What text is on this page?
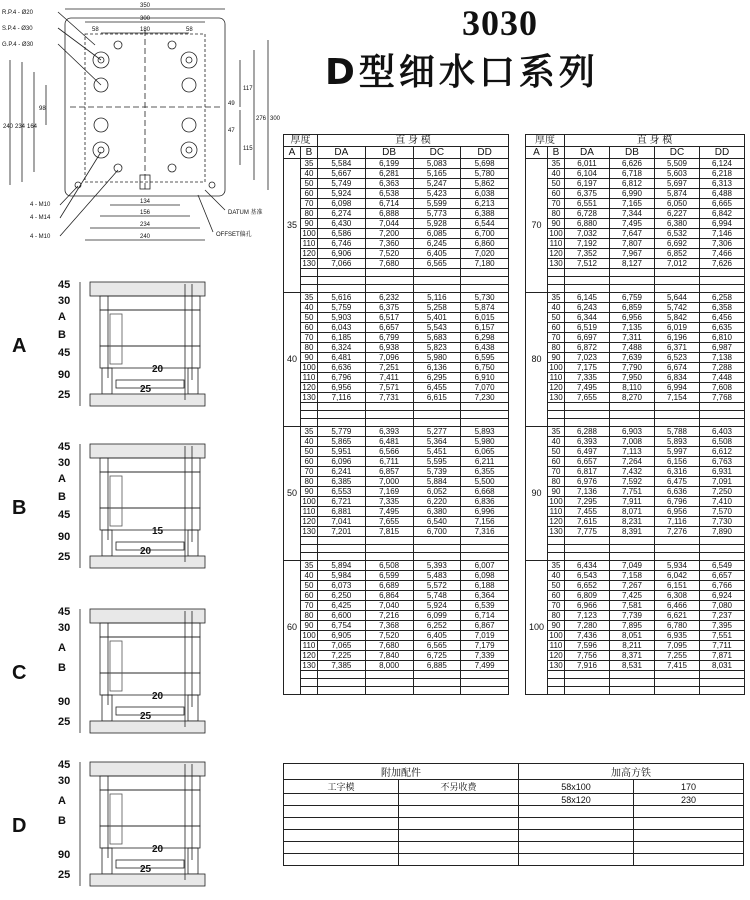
3030
D型细水口系列
R.P.4 - Ø20
S.P.4 - Ø30
G.P.4 - Ø30
4 - M10
4 - M14
4 - M10
DATUM 基准
OFFSET偏孔
350
300
180
58	58
240 234 164
98
300
276
117
49
47
115
134
156
234
240
A
45
30
A
B
45
90
25
20
25
B
45
30
A
B
45
90
25
15
20
C
45
30
A
B
90
25
20
25
D
45
30
A
B
90
25
20
25
厚度		直 身 模			
A	B	DA	DB	DC	DD
35	35	5,584	6,199	5,083	5,698
	40	5,667	6,281	5,165	5,780
	50	5,749	6,363	5,247	5,862
	60	5,924	6,538	5,423	6,038
	70	6,098	6,714	5,599	6,213
	80	6,274	6,888	5,773	6,388
	90	6,430	7,044	5,928	6,544
	100	6,586	7,200	6,085	6,700
	110	6,746	7,360	6,245	6,860
	120	6,906	7,520	6,405	7,020
	130	7,066	7,680	6,565	7,180

40	35	5,616	6,232	5,116	5,730
	40	5,759	6,375	5,258	5,874
	50	5,903	6,517	5,401	6,015
	60	6,043	6,657	5,543	6,157
	70	6,185	6,799	5,683	6,298
	80	6,324	6,938	5,823	6,438
	90	6,481	7,096	5,980	6,595
	100	6,636	7,251	6,136	6,750
	110	6,796	7,411	6,295	6,910
	120	6,956	7,571	6,455	7,070
	130	7,116	7,731	6,615	7,230

50	35	5,779	6,393	5,277	5,893
	40	5,865	6,481	5,364	5,980
	50	5,951	6,566	5,451	6,065
	60	6,096	6,711	5,595	6,211
	70	6,241	6,857	5,739	6,355
	80	6,385	7,000	5,884	5,500
	90	6,553	7,169	6,052	6,668
	100	6,721	7,335	6,220	6,836
	110	6,881	7,495	6,380	6,996
	120	7,041	7,655	6,540	7,156
	130	7,201	7,815	6,700	7,316

60	35	5,894	6,508	5,393	6,007
	40	5,984	6,599	5,483	6,098
	50	6,073	6,689	5,572	6,188
	60	6,250	6,864	5,748	6,364
	70	6,425	7,040	5,924	6,539
	80	6,600	7,216	6,099	6,714
	90	6,754	7,368	6,252	6,867
	100	6,905	7,520	6,405	7,019
	110	7,065	7,680	6,565	7,179
	120	7,225	7,840	6,725	7,339
	130	7,385	8,000	6,885	7,499

厚度		直 身 模			
A	B	DA	DB	DC	DD
70	35	6,011	6,626	5,509	6,124
	40	6,104	6,718	5,603	6,218
	50	6,197	6,812	5,697	6,313
	60	6,375	6,990	5,874	6,488
	70	6,551	7,165	6,050	6,665
	80	6,728	7,344	6,227	6,842
	90	6,880	7,495	6,380	6,994
	100	7,032	7,647	6,532	7,146
	110	7,192	7,807	6,692	7,306
	120	7,352	7,967	6,852	7,466
	130	7,512	8,127	7,012	7,626

80	35	6,145	6,759	5,644	6,258
	40	6,243	6,859	5,742	6,358
	50	6,344	6,956	5,842	6,456
	60	6,519	7,135	6,019	6,635
	70	6,697	7,311	6,196	6,810
	80	6,872	7,488	6,371	6,987
	90	7,023	7,639	6,523	7,138
	100	7,175	7,790	6,674	7,288
	110	7,335	7,950	6,834	7,448
	120	7,495	8,110	6,994	7,608
	130	7,655	8,270	7,154	7,768

90	35	6,288	6,903	5,788	6,403
	40	6,393	7,008	5,893	6,508
	50	6,497	7,113	5,997	6,612
	60	6,657	7,264	6,156	6,763
	70	6,817	7,432	6,316	6,931
	80	6,976	7,592	6,475	7,091
	90	7,136	7,751	6,636	7,250
	100	7,295	7,911	6,796	7,410
	110	7,455	8,071	6,956	7,570
	120	7,615	8,231	7,116	7,730
	130	7,775	8,391	7,276	7,890

100	35	6,434	7,049	5,934	6,549
	40	6,543	7,158	6,042	6,657
	50	6,652	7,267	6,151	6,766
	60	6,809	7,425	6,308	6,924
	70	6,966	7,581	6,466	7,080
	80	7,123	7,739	6,621	7,237
	90	7,280	7,895	6,780	7,395
	100	7,436	8,051	6,935	7,551
	110	7,596	8,211	7,095	7,711
	120	7,756	8,371	7,255	7,871
	130	7,916	8,531	7,415	8,031

附加配件		加高方铁	
工字模	不另收费	58x100	170
		58x120	230
